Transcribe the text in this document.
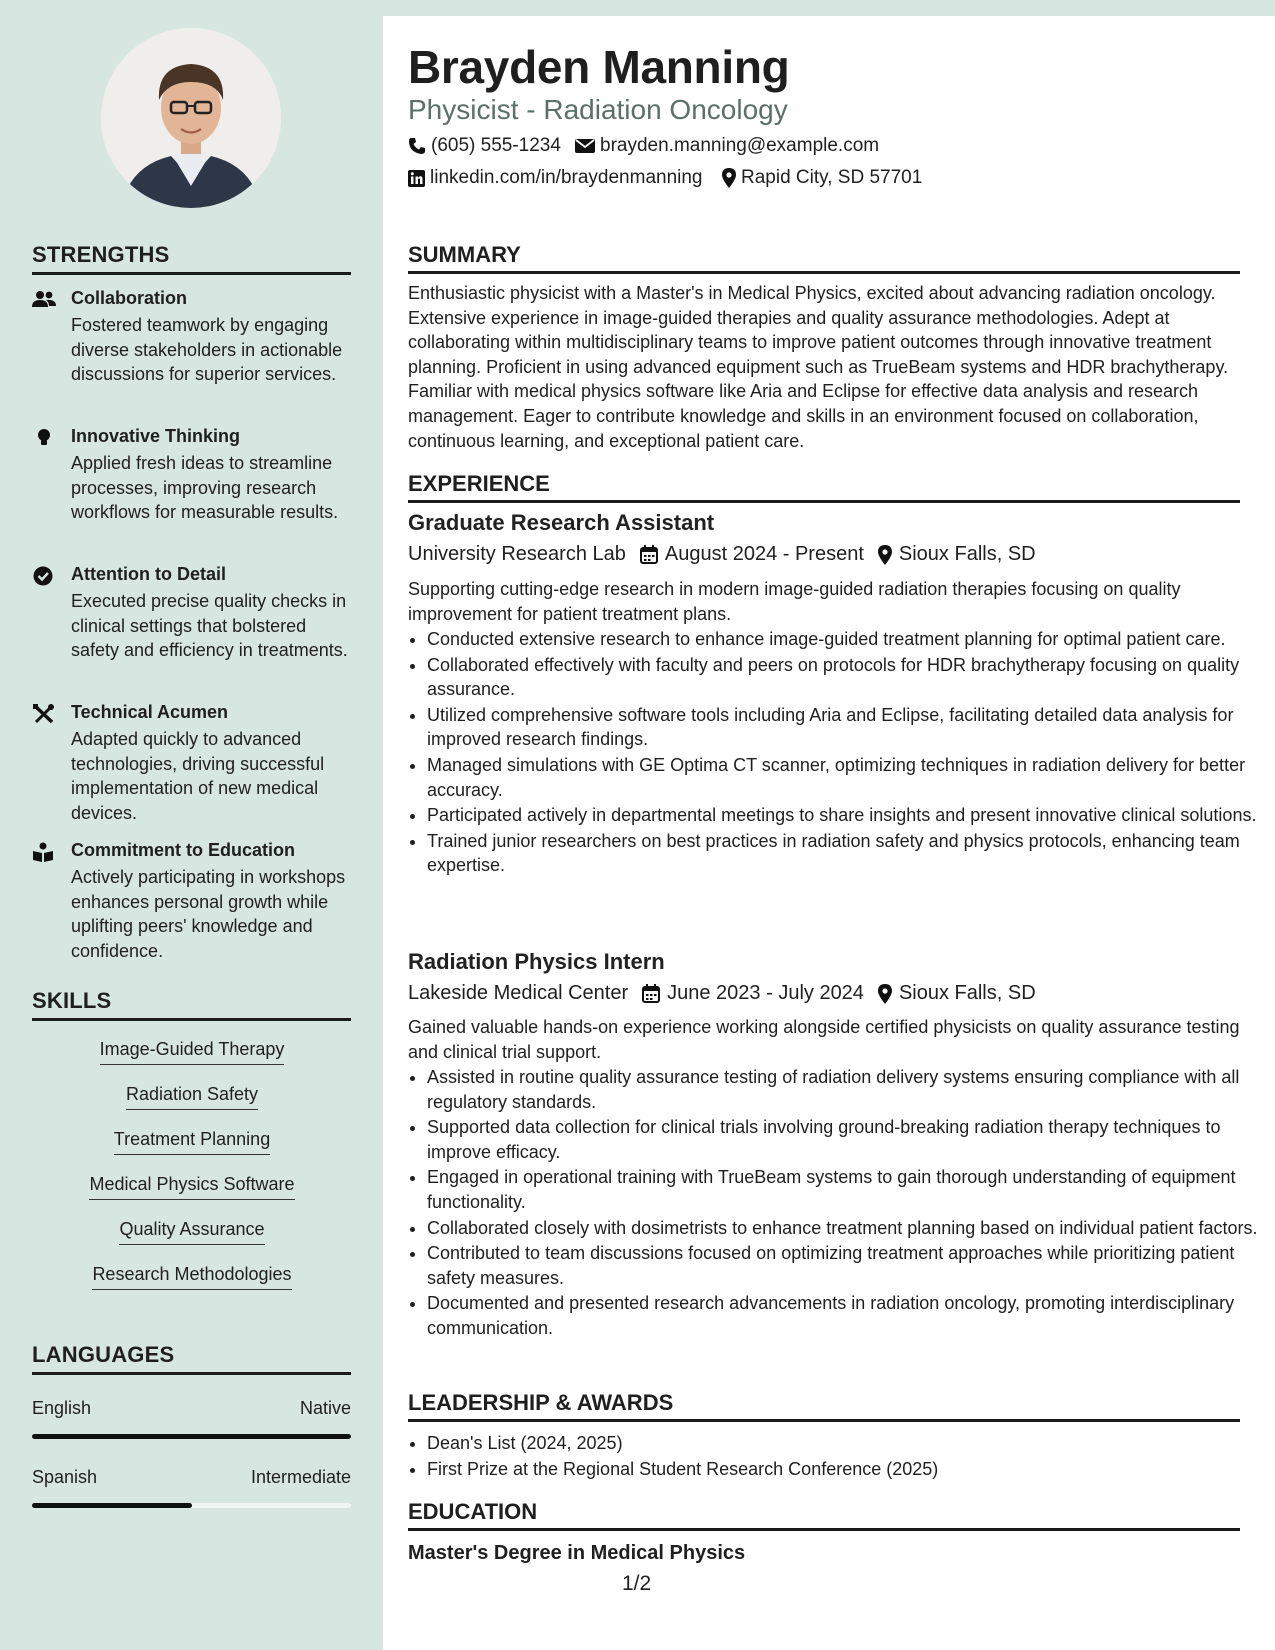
STRENGTHS
Collaboration
Fostered teamwork by engaging diverse stakeholders in actionable discussions for superior services.
Innovative Thinking
Applied fresh ideas to streamline processes, improving research workflows for measurable results.
Attention to Detail
Executed precise quality checks in clinical settings that bolstered safety and efficiency in treatments.
Technical Acumen
Adapted quickly to advanced technologies, driving successful implementation of new medical devices.
Commitment to Education
Actively participating in workshops enhances personal growth while uplifting peers' knowledge and confidence.
SKILLS
Image-Guided Therapy
Radiation Safety
Treatment Planning
Medical Physics Software
Quality Assurance
Research Methodologies
LANGUAGES
English	Native
Spanish	Intermediate
Brayden Manning
Physicist - Radiation Oncology
(605) 555-1234 brayden.manning@example.com
linkedin.com/in/braydenmanning Rapid City, SD 57701
SUMMARY
Enthusiastic physicist with a Master's in Medical Physics, excited about advancing radiation oncology. Extensive experience in image-guided therapies and quality assurance methodologies. Adept at collaborating within multidisciplinary teams to improve patient outcomes through innovative treatment planning. Proficient in using advanced equipment such as TrueBeam systems and HDR brachytherapy. Familiar with medical physics software like Aria and Eclipse for effective data analysis and research management. Eager to contribute knowledge and skills in an environment focused on collaboration, continuous learning, and exceptional patient care.
EXPERIENCE
Graduate Research Assistant
University Research Lab August 2024 - Present Sioux Falls, SD
Supporting cutting-edge research in modern image-guided radiation therapies focusing on quality improvement for patient treatment plans.
• Conducted extensive research to enhance image-guided treatment planning for optimal patient care.
• Collaborated effectively with faculty and peers on protocols for HDR brachytherapy focusing on quality assurance.
• Utilized comprehensive software tools including Aria and Eclipse, facilitating detailed data analysis for improved research findings.
• Managed simulations with GE Optima CT scanner, optimizing techniques in radiation delivery for better accuracy.
• Participated actively in departmental meetings to share insights and present innovative clinical solutions.
• Trained junior researchers on best practices in radiation safety and physics protocols, enhancing team expertise.
Radiation Physics Intern
Lakeside Medical Center June 2023 - July 2024 Sioux Falls, SD
Gained valuable hands-on experience working alongside certified physicists on quality assurance testing and clinical trial support.
• Assisted in routine quality assurance testing of radiation delivery systems ensuring compliance with all regulatory standards.
• Supported data collection for clinical trials involving ground-breaking radiation therapy techniques to improve efficacy.
• Engaged in operational training with TrueBeam systems to gain thorough understanding of equipment functionality.
• Collaborated closely with dosimetrists to enhance treatment planning based on individual patient factors.
• Contributed to team discussions focused on optimizing treatment approaches while prioritizing patient safety measures.
• Documented and presented research advancements in radiation oncology, promoting interdisciplinary communication.
LEADERSHIP & AWARDS
• Dean's List (2024, 2025)
• First Prize at the Regional Student Research Conference (2025)
EDUCATION
Master's Degree in Medical Physics
1/2
